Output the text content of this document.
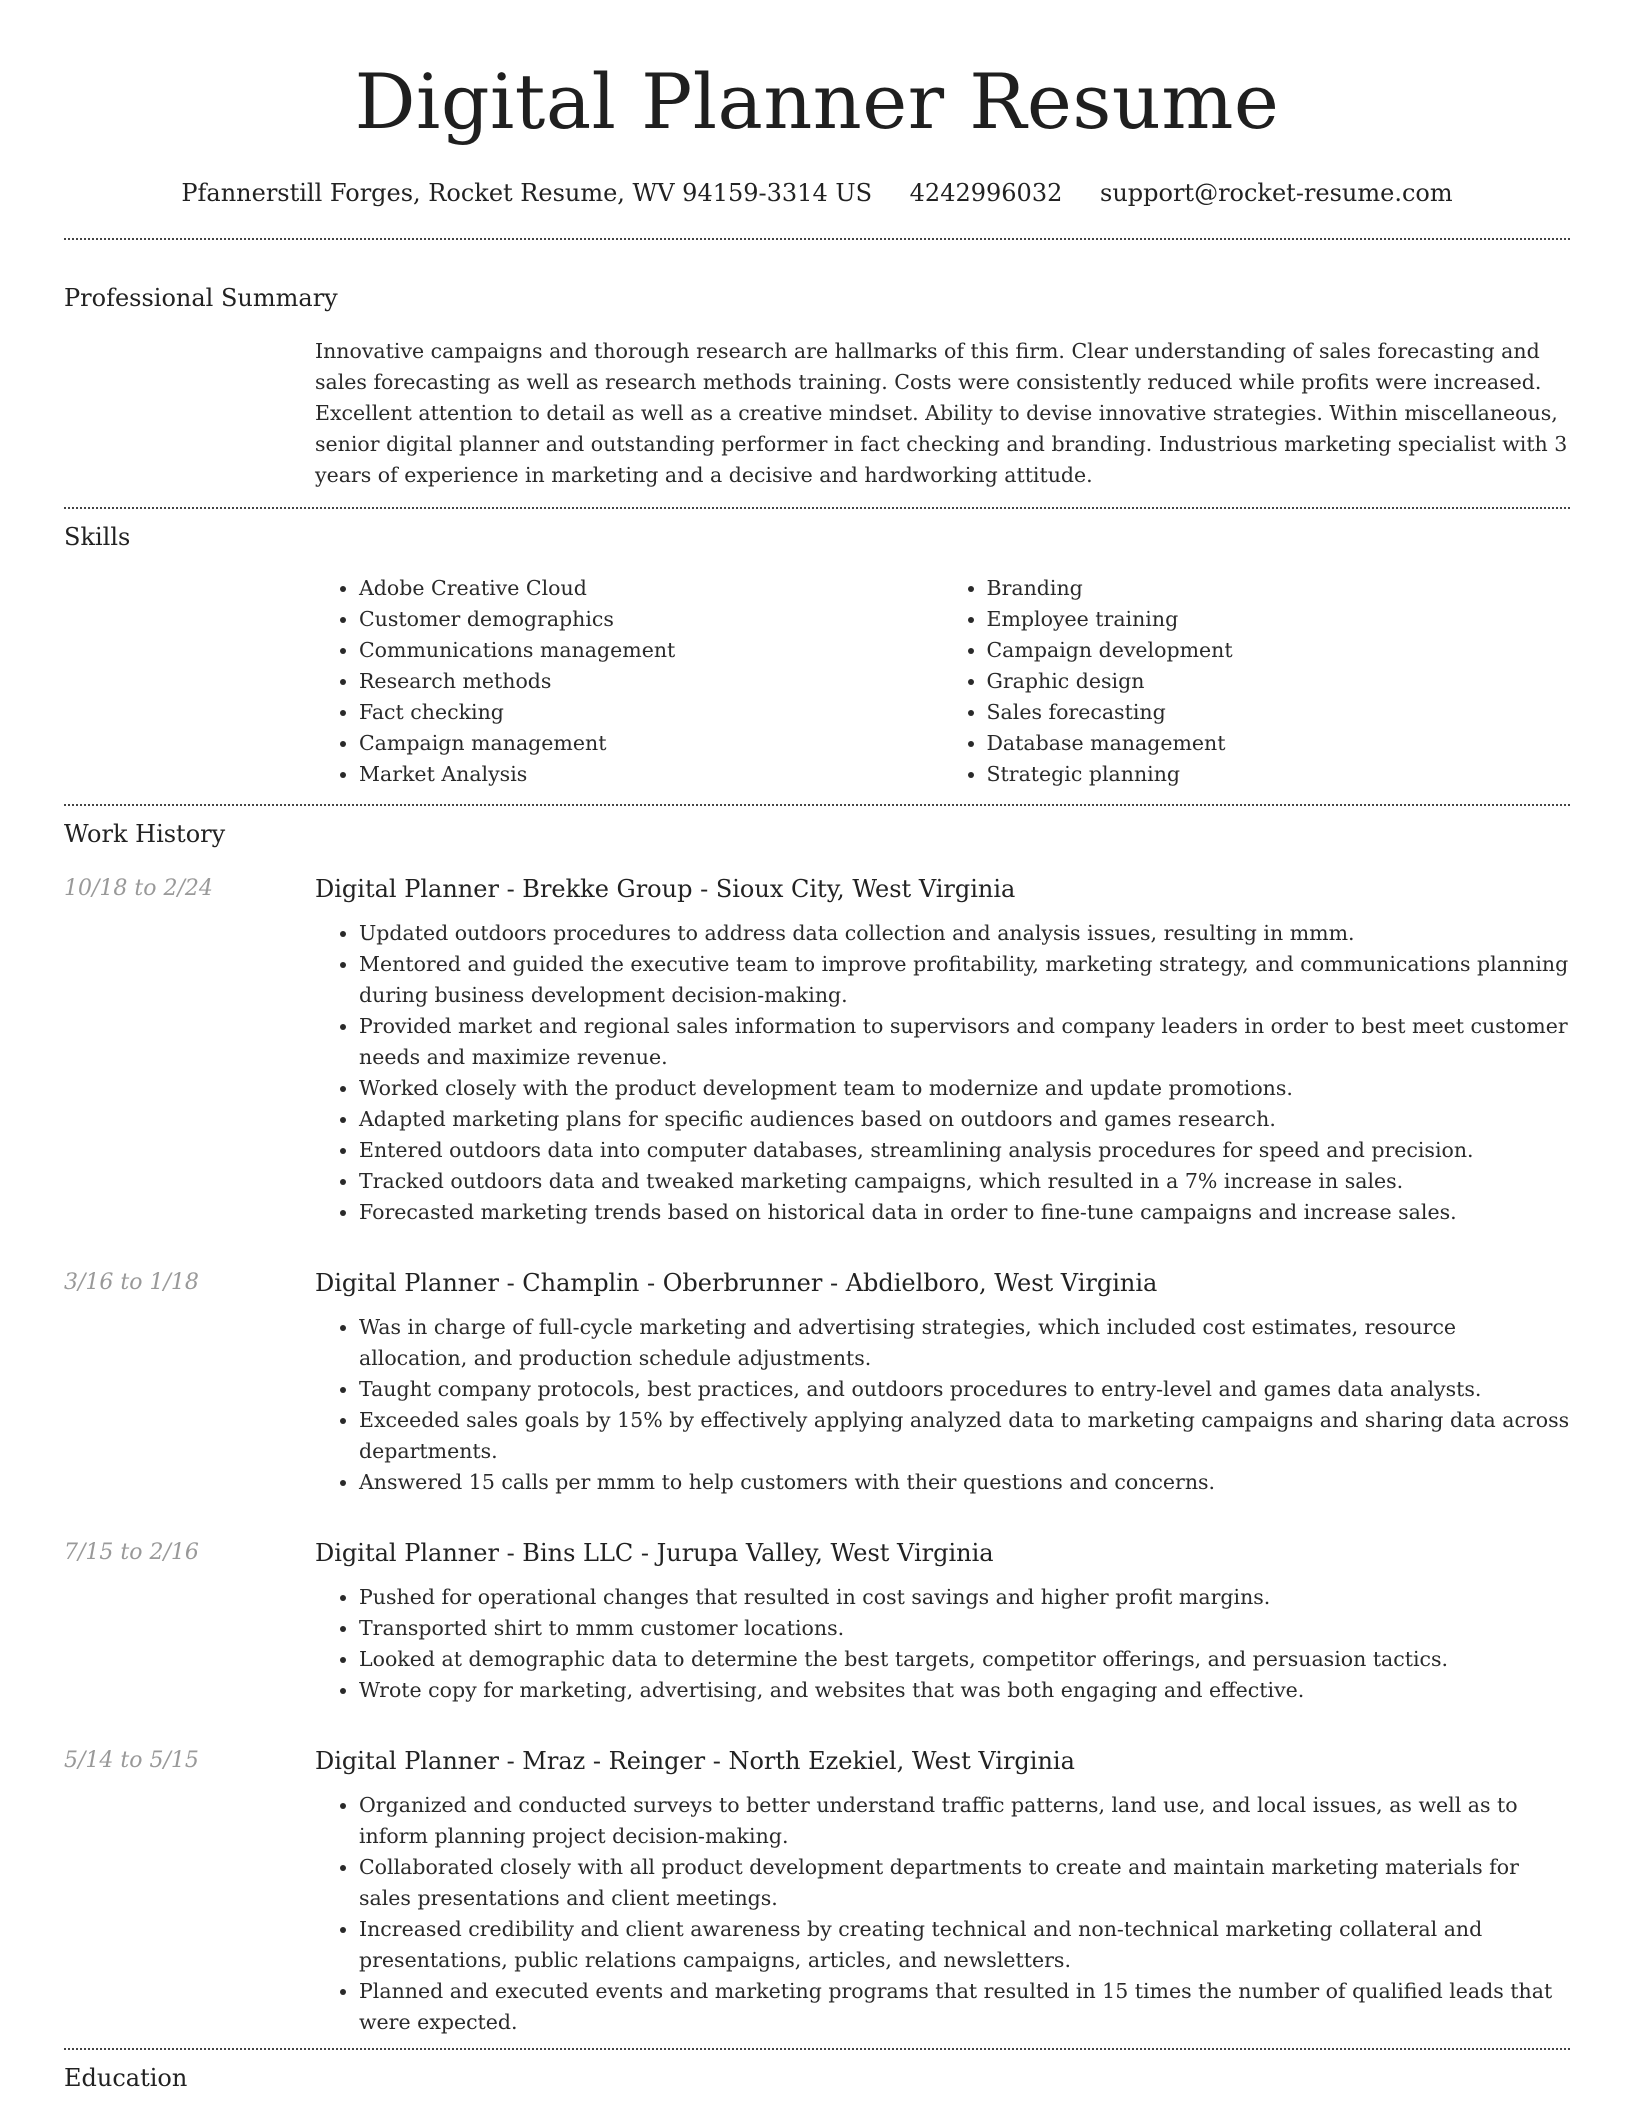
Digital Planner Resume
Pfannerstill Forges, Rocket Resume, WV 94159-3314 US 4242996032 support@rocket-resume.com
Professional Summary
Innovative campaigns and thorough research are hallmarks of this firm. Clear understanding of sales forecasting and sales forecasting as well as research methods training. Costs were consistently reduced while profits were increased. Excellent attention to detail as well as a creative mindset. Ability to devise innovative strategies. Within miscellaneous, senior digital planner and outstanding performer in fact checking and branding. Industrious marketing specialist with 3 years of experience in marketing and a decisive and hardworking attitude.
Skills
• Adobe Creative Cloud
• Customer demographics
• Communications management
• Research methods
• Fact checking
• Campaign management
• Market Analysis
• Branding
• Employee training
• Campaign development
• Graphic design
• Sales forecasting
• Database management
• Strategic planning
Work History
10/18 to 2/24	Digital Planner - Brekke Group - Sioux City, West Virginia
• Updated outdoors procedures to address data collection and analysis issues, resulting in mmm.
• Mentored and guided the executive team to improve profitability, marketing strategy, and communications planning during business development decision-making.
• Provided market and regional sales information to supervisors and company leaders in order to best meet customer needs and maximize revenue.
• Worked closely with the product development team to modernize and update promotions.
• Adapted marketing plans for specific audiences based on outdoors and games research.
• Entered outdoors data into computer databases, streamlining analysis procedures for speed and precision.
• Tracked outdoors data and tweaked marketing campaigns, which resulted in a 7% increase in sales.
• Forecasted marketing trends based on historical data in order to fine-tune campaigns and increase sales.
3/16 to 1/18	Digital Planner - Champlin - Oberbrunner - Abdielboro, West Virginia
• Was in charge of full-cycle marketing and advertising strategies, which included cost estimates, resource allocation, and production schedule adjustments.
• Taught company protocols, best practices, and outdoors procedures to entry-level and games data analysts.
• Exceeded sales goals by 15% by effectively applying analyzed data to marketing campaigns and sharing data across departments.
• Answered 15 calls per mmm to help customers with their questions and concerns.
7/15 to 2/16	Digital Planner - Bins LLC - Jurupa Valley, West Virginia
• Pushed for operational changes that resulted in cost savings and higher profit margins.
• Transported shirt to mmm customer locations.
• Looked at demographic data to determine the best targets, competitor offerings, and persuasion tactics.
• Wrote copy for marketing, advertising, and websites that was both engaging and effective.
5/14 to 5/15	Digital Planner - Mraz - Reinger - North Ezekiel, West Virginia
• Organized and conducted surveys to better understand traffic patterns, land use, and local issues, as well as to inform planning project decision-making.
• Collaborated closely with all product development departments to create and maintain marketing materials for sales presentations and client meetings.
• Increased credibility and client awareness by creating technical and non-technical marketing collateral and presentations, public relations campaigns, articles, and newsletters.
• Planned and executed events and marketing programs that resulted in 15 times the number of qualified leads that were expected.
Education
